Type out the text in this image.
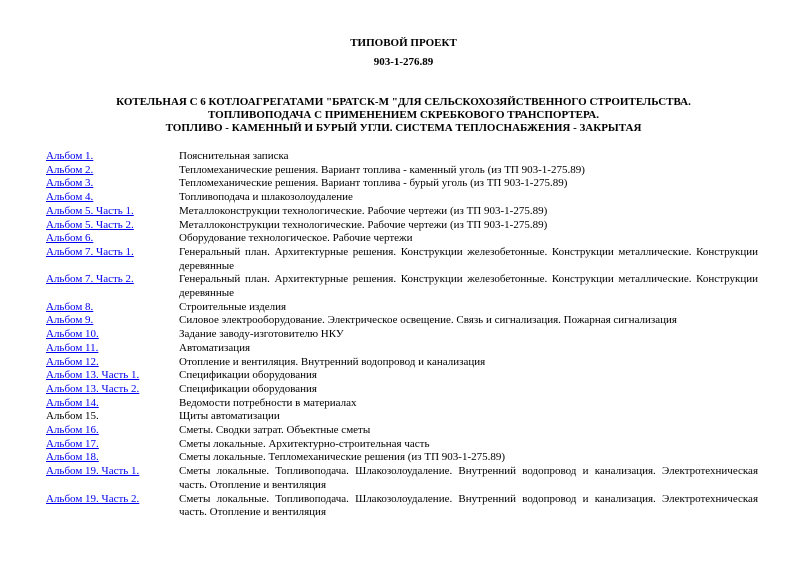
ТИПОВОЙ ПРОЕКТ
903-1-276.89
КОТЕЛЬНАЯ С 6 КОТЛОАГРЕГАТАМИ "БРАТСК-М "ДЛЯ СЕЛЬСКОХОЗЯЙСТВЕННОГО СТРОИТЕЛЬСТВА.
ТОПЛИВОПОДАЧА С ПРИМЕНЕНИЕМ СКРЕБКОВОГО ТРАНСПОРТЕРА.
ТОПЛИВО - КАМЕННЫЙ И БУРЫЙ УГЛИ. СИСТЕМА ТЕПЛОСНАБЖЕНИЯ - ЗАКРЫТАЯ
Альбом 1.	Пояснительная записка
Альбом 2.	Тепломеханические решения. Вариант топлива - каменный уголь (из ТП 903-1-275.89)
Альбом 3.	Тепломеханические решения. Вариант топлива - бурый уголь (из ТП 903-1-275.89)
Альбом 4.	Топливоподача и шлакозолоудаление
Альбом 5. Часть 1.	Металлоконструкции технологические. Рабочие чертежи (из ТП 903-1-275.89)
Альбом 5. Часть 2.	Металлоконструкции технологические. Рабочие чертежи (из ТП 903-1-275.89)
Альбом 6.	Оборудование технологическое. Рабочие чертежи
Альбом 7. Часть 1.	Генеральный план. Архитектурные решения. Конструкции железобетонные. Конструкции металлические. Конструкции деревянные
Альбом 7. Часть 2.	Генеральный план. Архитектурные решения. Конструкции железобетонные. Конструкции металлические. Конструкции деревянные
Альбом 8.	Строительные изделия
Альбом 9.	Силовое электрооборудование. Электрическое освещение. Связь и сигнализация. Пожарная сигнализация
Альбом 10.	Задание заводу-изготовителю НКУ
Альбом 11.	Автоматизация
Альбом 12.	Отопление и вентиляция. Внутренний водопровод и канализация
Альбом 13. Часть 1.	Спецификации оборудования
Альбом 13. Часть 2.	Спецификации оборудования
Альбом 14.	Ведомости потребности в материалах
Альбом 15.	Щиты автоматизации
Альбом 16.	Сметы. Сводки затрат. Объектные сметы
Альбом 17.	Сметы локальные. Архитектурно-строительная часть
Альбом 18.	Сметы локальные. Тепломеханические решения (из ТП 903-1-275.89)
Альбом 19. Часть 1.	Сметы локальные. Топливоподача. Шлакозолоудаление. Внутренний водопровод и канализация. Электротехническая часть. Отопление и вентиляция
Альбом 19. Часть 2.	Сметы локальные. Топливоподача. Шлакозолоудаление. Внутренний водопровод и канализация. Электротехническая часть. Отопление и вентиляция
